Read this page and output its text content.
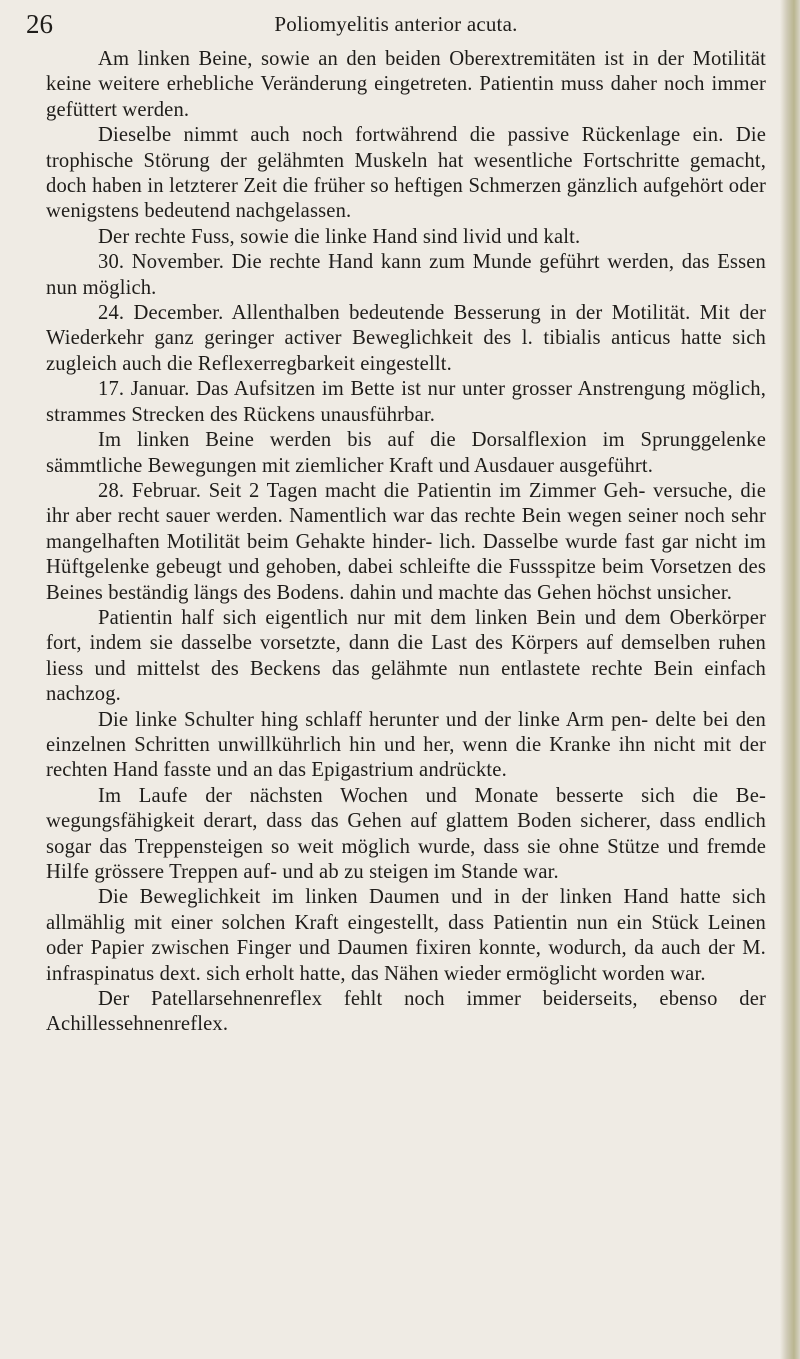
26	Poliomyelitis anterior acuta.

Am linken Beine, sowie an den beiden Oberextremitäten ist in der Motilität keine weitere erhebliche Veränderung eingetreten. Patientin muss daher noch immer gefüttert werden.

Dieselbe nimmt auch noch fortwährend die passive Rückenlage ein. Die trophische Störung der gelähmten Muskeln hat wesentliche Fortschritte gemacht, doch haben in letzterer Zeit die früher so heftigen Schmerzen gänzlich aufgehört oder wenigstens bedeutend nachgelassen.

Der rechte Fuss, sowie die linke Hand sind livid und kalt.

30. November. Die rechte Hand kann zum Munde geführt werden, das Essen nun möglich.

24. December. Allenthalben bedeutende Besserung in der Motilität. Mit der Wiederkehr ganz geringer activer Beweglichkeit des l. tibialis anticus hatte sich zugleich auch die Reflexerregbarkeit eingestellt.

17. Januar. Das Aufsitzen im Bette ist nur unter grosser Anstrengung möglich, strammes Strecken des Rückens unausführbar.

Im linken Beine werden bis auf die Dorsalflexion im Sprunggelenke sämmtliche Bewegungen mit ziemlicher Kraft und Ausdauer ausgeführt.

28. Februar. Seit 2 Tagen macht die Patientin im Zimmer Geh- versuche, die ihr aber recht sauer werden. Namentlich war das rechte Bein wegen seiner noch sehr mangelhaften Motilität beim Gehakte hinder- lich. Dasselbe wurde fast gar nicht im Hüftgelenke gebeugt und gehoben, dabei schleifte die Fussspitze beim Vorsetzen des Beines beständig längs des Bodens. dahin und machte das Gehen höchst unsicher.

Patientin half sich eigentlich nur mit dem linken Bein und dem Oberkörper fort, indem sie dasselbe vorsetzte, dann die Last des Körpers auf demselben ruhen liess und mittelst des Beckens das gelähmte nun entlastete rechte Bein einfach nachzog.

Die linke Schulter hing schlaff herunter und der linke Arm pen- delte bei den einzelnen Schritten unwillkührlich hin und her, wenn die Kranke ihn nicht mit der rechten Hand fasste und an das Epigastrium andrückte.

Im Laufe der nächsten Wochen und Monate besserte sich die Be- wegungsfähigkeit derart, dass das Gehen auf glattem Boden sicherer, dass endlich sogar das Treppensteigen so weit möglich wurde, dass sie ohne Stütze und fremde Hilfe grössere Treppen auf- und ab zu steigen im Stande war.

Die Beweglichkeit im linken Daumen und in der linken Hand hatte sich allmählig mit einer solchen Kraft eingestellt, dass Patientin nun ein Stück Leinen oder Papier zwischen Finger und Daumen fixiren konnte, wodurch, da auch der M. infraspinatus dext. sich erholt hatte, das Nähen wieder ermöglicht worden war.

Der Patellarsehnenreflex fehlt noch immer beiderseits, ebenso der Achillessehnenreflex.
